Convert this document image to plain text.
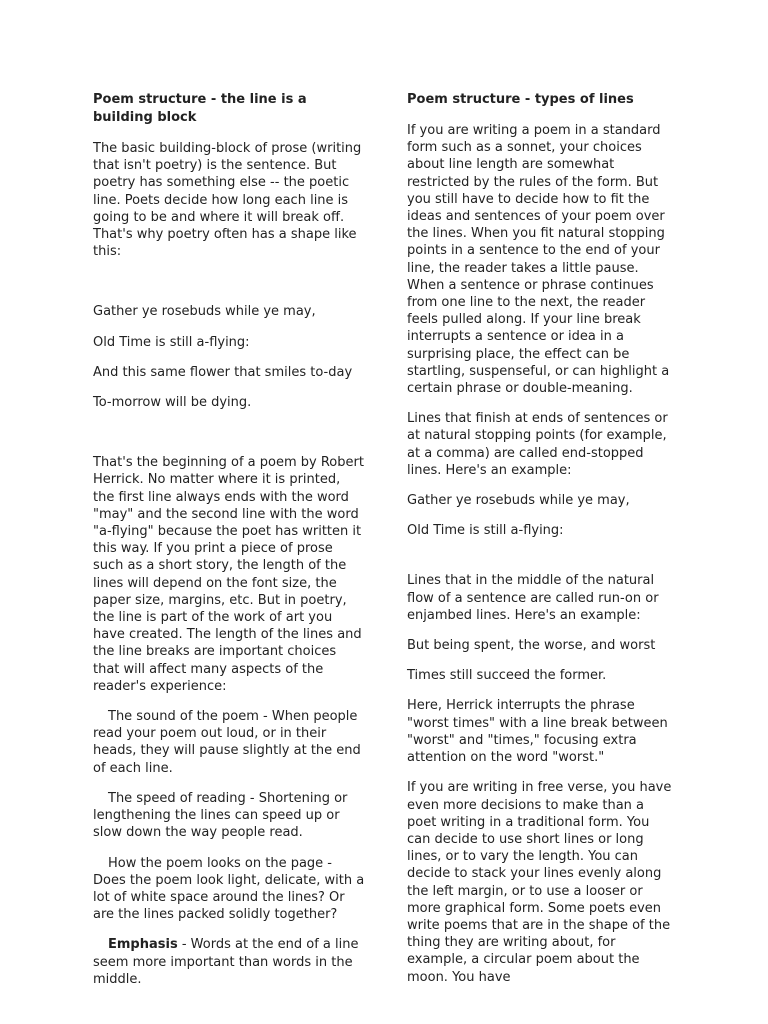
Poem structure - the line is a building block

The basic building-block of prose (writing that isn't poetry) is the sentence. But poetry has something else -- the poetic line. Poets decide how long each line is going to be and where it will break off. That's why poetry often has a shape like this:

Gather ye rosebuds while ye may,

Old Time is still a-flying:

And this same flower that smiles to-day

To-morrow will be dying.

That's the beginning of a poem by Robert Herrick. No matter where it is printed, the first line always ends with the word "may" and the second line with the word "a-flying" because the poet has written it this way. If you print a piece of prose such as a short story, the length of the lines will depend on the font size, the paper size, margins, etc. But in poetry, the line is part of the work of art you have created. The length of the lines and the line breaks are important choices that will affect many aspects of the reader's experience:

The sound of the poem - When people read your poem out loud, or in their heads, they will pause slightly at the end of each line.

The speed of reading - Shortening or lengthening the lines can speed up or slow down the way people read.

How the poem looks on the page - Does the poem look light, delicate, with a lot of white space around the lines? Or are the lines packed solidly together?

Emphasis - Words at the end of a line seem more important than words in the middle.

Poem structure - types of lines

If you are writing a poem in a standard form such as a sonnet, your choices about line length are somewhat restricted by the rules of the form. But you still have to decide how to fit the ideas and sentences of your poem over the lines. When you fit natural stopping points in a sentence to the end of your line, the reader takes a little pause. When a sentence or phrase continues from one line to the next, the reader feels pulled along. If your line break interrupts a sentence or idea in a surprising place, the effect can be startling, suspenseful, or can highlight a certain phrase or double-meaning.

Lines that finish at ends of sentences or at natural stopping points (for example, at a comma) are called end-stopped lines. Here's an example:

Gather ye rosebuds while ye may,

Old Time is still a-flying:

Lines that in the middle of the natural flow of a sentence are called run-on or enjambed lines. Here's an example:

But being spent, the worse, and worst

Times still succeed the former.

Here, Herrick interrupts the phrase "worst times" with a line break between "worst" and "times," focusing extra attention on the word "worst."

If you are writing in free verse, you have even more decisions to make than a poet writing in a traditional form. You can decide to use short lines or long lines, or to vary the length. You can decide to stack your lines evenly along the left margin, or to use a looser or more graphical form. Some poets even write poems that are in the shape of the thing they are writing about, for example, a circular poem about the moon. You have
